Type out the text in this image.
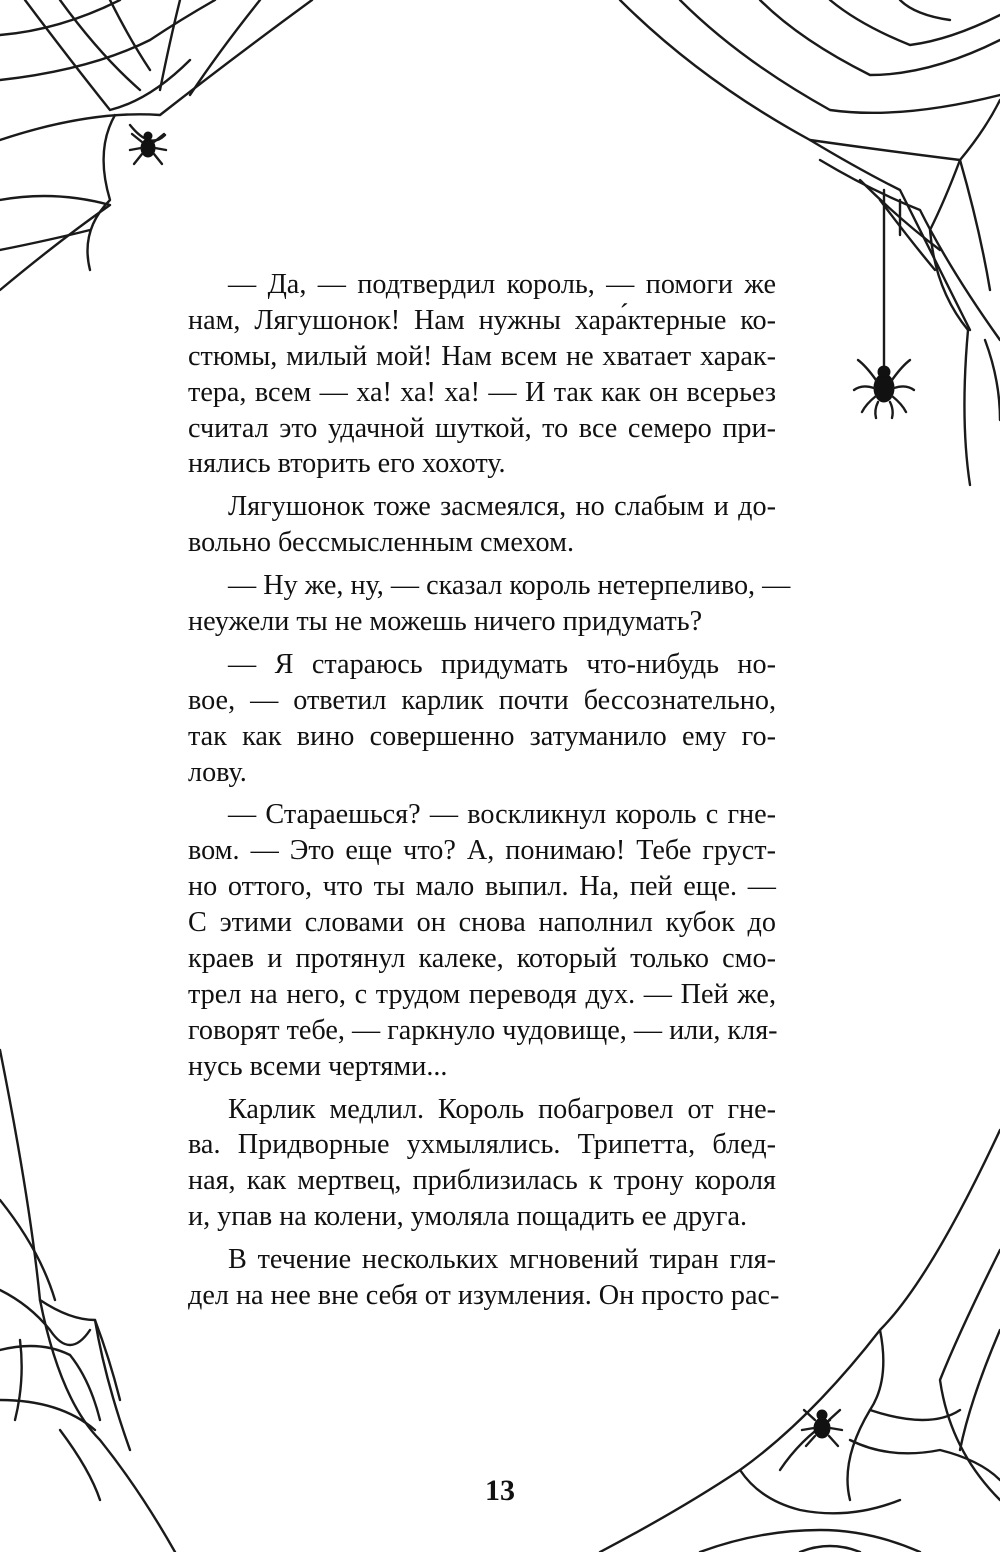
— Да, — подтвердил король, — помоги же
нам, Лягушонок! Нам нужны хара́ктерные ко-
стюмы, милый мой! Нам всем не хватает харак-
тера, всем — ха! ха! ха! — И так как он всерьез
считал это удачной шуткой, то все семеро при-
нялись вторить его хохоту.
Лягушонок тоже засмеялся, но слабым и до-
вольно бессмысленным смехом.
— Ну же, ну, — сказал король нетерпеливо, —
неужели ты не можешь ничего придумать?
— Я стараюсь придумать что-нибудь но-
вое, — ответил карлик почти бессознательно,
так как вино совершенно затуманило ему го-
лову.
— Стараешься? — воскликнул король с гне-
вом. — Это еще что? А, понимаю! Тебе груст-
но оттого, что ты мало выпил. На, пей еще. —
С этими словами он снова наполнил кубок до
краев и протянул калеке, который только смо-
трел на него, с трудом переводя дух. — Пей же,
говорят тебе, — гаркнуло чудовище, — или, кля-
нусь всеми чертями...
Карлик медлил. Король побагровел от гне-
ва. Придворные ухмылялись. Трипетта, блед-
ная, как мертвец, приблизилась к трону короля
и, упав на колени, умоляла пощадить ее друга.
В течение нескольких мгновений тиран гля-
дел на нее вне себя от изумления. Он просто рас-
13
